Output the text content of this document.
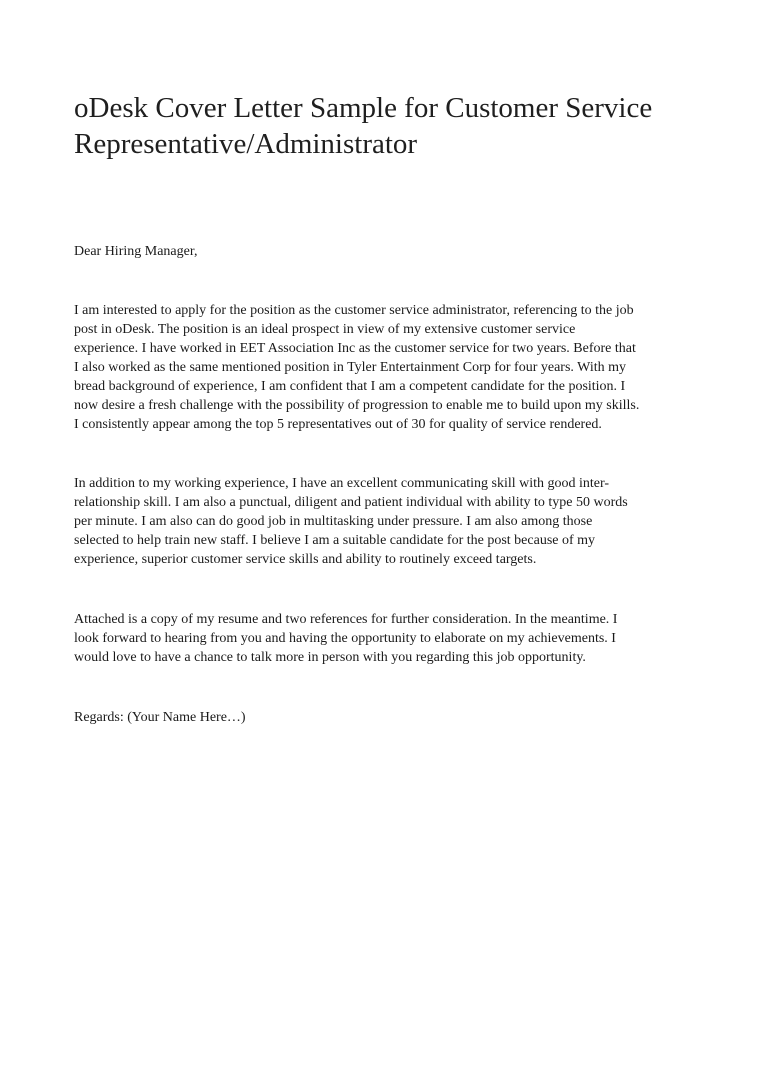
oDesk Cover Letter Sample for Customer Service Representative/Administrator

Dear Hiring Manager,

I am interested to apply for the position as the customer service administrator, referencing to the job
post in oDesk. The position is an ideal prospect in view of my extensive customer service
experience. I have worked in EET Association Inc as the customer service for two years. Before that
I also worked as the same mentioned position in Tyler Entertainment Corp for four years. With my
bread background of experience, I am confident that I am a competent candidate for the position. I
now desire a fresh challenge with the possibility of progression to enable me to build upon my skills.
I consistently appear among the top 5 representatives out of 30 for quality of service rendered.
In addition to my working experience, I have an excellent communicating skill with good inter-
relationship skill. I am also a punctual, diligent and patient individual with ability to type 50 words
per minute. I am also can do good job in multitasking under pressure. I am also among those
selected to help train new staff. I believe I am a suitable candidate for the post because of my
experience, superior customer service skills and ability to routinely exceed targets.
Attached is a copy of my resume and two references for further consideration. In the meantime. I
look forward to hearing from you and having the opportunity to elaborate on my achievements. I
would love to have a chance to talk more in person with you regarding this job opportunity.

Regards: (Your Name Here…)
